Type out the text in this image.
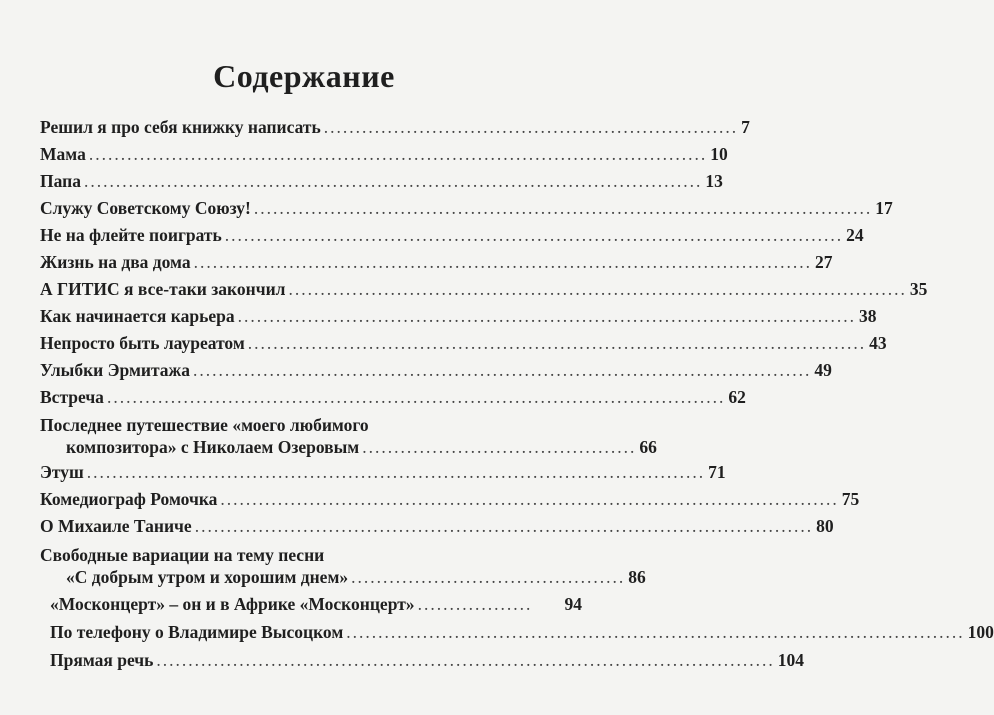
Содержание
Решил я про себя книжку написать ................................................................. 7
Мама ................................................................................................. 10
Папа ................................................................................................. 13
Служу Советскому Союзу! ................................................................................................. 17
Не на флейте поиграть ................................................................................................. 24
Жизнь на два дома ................................................................................................. 27
А ГИТИС я все-таки закончил ................................................................................................. 35
Как начинается карьера ................................................................................................. 38
Непросто быть лауреатом ................................................................................................. 43
Улыбки Эрмитажа ................................................................................................. 49
Встреча ................................................................................................. 62
Последнее путешествие «моего любимого
композитора» с Николаем Озеровым ........................................... 66
Этуш ................................................................................................. 71
Комедиограф Ромочка ................................................................................................. 75
О Михаиле Таниче ................................................................................................. 80
Свободные вариации на тему песни
«С добрым утром и хорошим днем» ........................................... 86
«Москонцерт» – он и в Африке «Москонцерт» ..................	94
По телефону о Владимире Высоцком ................................................................................................. 100
Прямая речь ................................................................................................. 104
